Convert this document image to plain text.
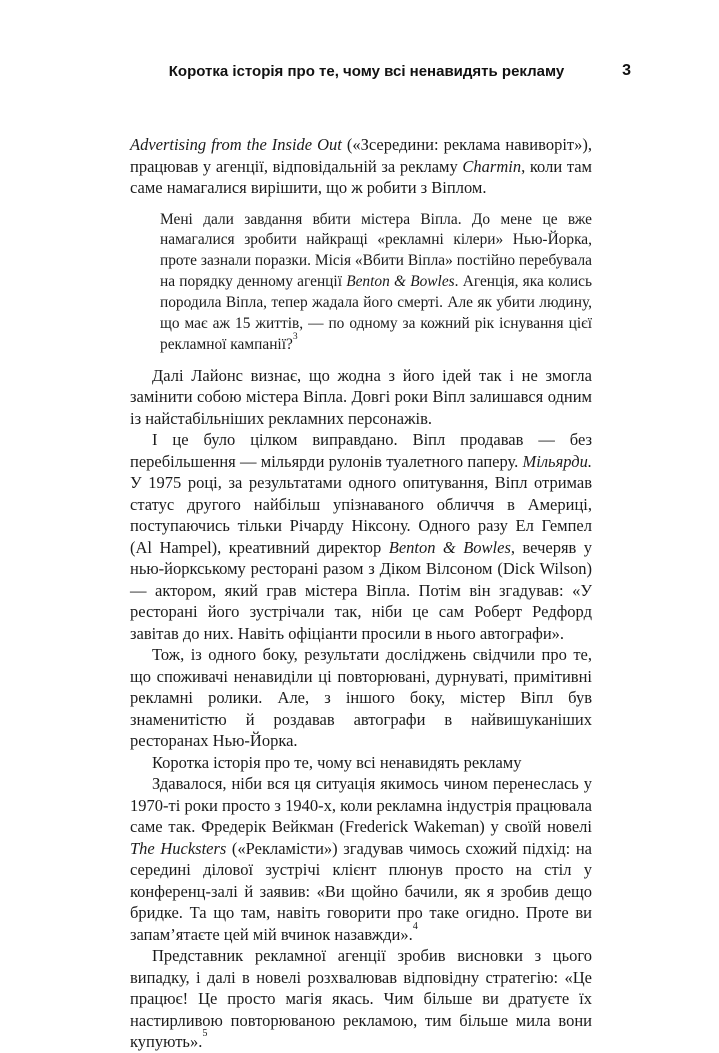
Коротка історія про те, чому всі ненавидять рекламу	3

Advertising from the Inside Out («Зсередини: реклама навиворіт»), працював у агенції, відповідальній за рекламу Charmin, коли там саме намагалися вирішити, що ж робити з Віплом.

Мені дали завдання вбити містера Віпла. До мене це вже намагалися зробити найкращі «рекламні кілери» Нью-Йорка, проте зазнали поразки. Місія «Вбити Віпла» постійно перебувала на порядку денному агенції Benton & Bowles. Агенція, яка колись породила Віпла, тепер жадала його смерті. Але як убити людину, що має аж 15 життів, — по одному за кожний рік існування цієї рекламної кампанії?$^3$

Далі Лайонс визнає, що жодна з його ідей так і не змогла замінити собою містера Віпла. Довгі роки Віпл залишався одним із найстабільніших рекламних персонажів.

І це було цілком виправдано. Віпл продавав — без перебільшення — мільярди рулонів туалетного паперу. Мільярди. У 1975 році, за результатами одного опитування, Віпл отримав статус другого найбільш упізнаваного обличчя в Америці, поступаючись тільки Річарду Ніксону. Одного разу Ел Гемпел (Al Hampel), креативний директор Benton & Bowles, вечеряв у нью-йоркському ресторані разом з Діком Вілсоном (Dick Wilson) — актором, який грав містера Віпла. Потім він згадував: «У ресторані його зустрічали так, ніби це сам Роберт Редфорд завітав до них. Навіть офіціанти просили в нього автографи».

Тож, із одного боку, результати досліджень свідчили про те, що споживачі ненавиділи ці повторювані, дурнуваті, примітивні рекламні ролики. Але, з іншого боку, містер Віпл був знаменитістю й роздавав автографи в найвишуканіших ресторанах Нью-Йорка.

Коротка історія про те, чому всі ненавидять рекламу

Здавалося, ніби вся ця ситуація якимось чином перенеслась у 1970-ті роки просто з 1940-х, коли рекламна індустрія працювала саме так. Фредерік Вейкман (Frederick Wakeman) у своїй новелі The Hucksters («Рекламісти») згадував чимось схожий підхід: на середині ділової зустрічі клієнт плюнув просто на стіл у конференц-залі й заявив: «Ви щойно бачили, як я зробив дещо бридке. Та що там, навіть говорити про таке огидно. Проте ви запам’ятаєте цей мій вчинок назавжди».$^4$

Представник рекламної агенції зробив висновки з цього випадку, і далі в новелі розхвалював відповідну стратегію: «Це працює! Це просто магія якась. Чим більше ви дратуєте їх настирливою повторюваною рекламою, тим більше мила вони купують».$^5$
